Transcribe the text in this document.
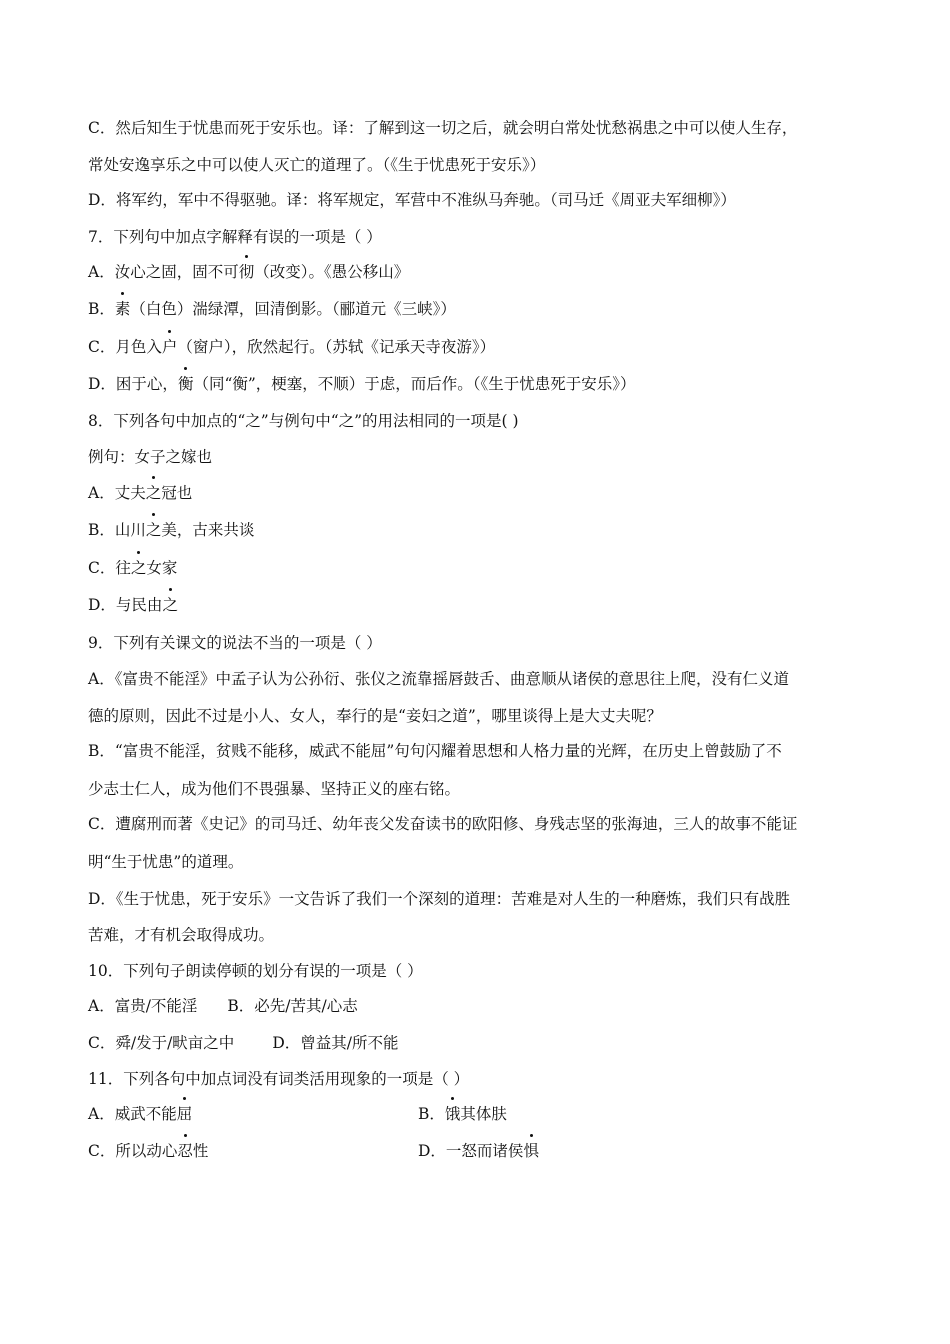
C．然后知生于忧患而死于安乐也。译：了解到这一切之后，就会明白常处忧愁祸患之中可以使人生存，
常处安逸享乐之中可以使人灭亡的道理了。（《生于忧患死于安乐》）
D．将军约，军中不得驱驰。译：将军规定，军营中不准纵马奔驰。（司马迁《周亚夫军细柳》）
7．下列句中加点字解释有误的一项是（ ）
A．汝心之固，固不可彻（改变）。《愚公移山》
B．素（白色）湍绿潭，回清倒影。（郦道元《三峡》）
C．月色入户（窗户），欣然起行。（苏轼《记承天寺夜游》）
D．困于心，衡（同“衡”，梗塞，不顺）于虑，而后作。（《生于忧患死于安乐》）
8．下列各句中加点的“之”与例句中“之”的用法相同的一项是( )
例句：女子之嫁也
A．丈夫之冠也
B．山川之美，古来共谈
C．往之女家
D．与民由之
9．下列有关课文的说法不当的一项是（ ）
A．《富贵不能淫》中孟子认为公孙衍、张仪之流靠摇唇鼓舌、曲意顺从诸侯的意思往上爬，没有仁义道
德的原则，因此不过是小人、女人，奉行的是“妾妇之道”，哪里谈得上是大丈夫呢？
B．“富贵不能淫，贫贱不能移，威武不能屈”句句闪耀着思想和人格力量的光辉，在历史上曾鼓励了不
少志士仁人，成为他们不畏强暴、坚持正义的座右铭。
C．遭腐刑而著《史记》的司马迁、幼年丧父发奋读书的欧阳修、身残志坚的张海迪，三人的故事不能证
明“生于忧患”的道理。
D．《生于忧患，死于安乐》一文告诉了我们一个深刻的道理：苦难是对人生的一种磨炼，我们只有战胜
苦难，才有机会取得成功。
10．下列句子朗读停顿的划分有误的一项是（ ）
A．富贵/不能淫 B．必先/苦其/心志
C．舜/发于/畎亩之中 D．曾益其/所不能
11．下列各句中加点词没有词类活用现象的一项是（ ）
A．威武不能屈	B．饿其体肤
C．所以动心忍性	D．一怒而诸侯惧
